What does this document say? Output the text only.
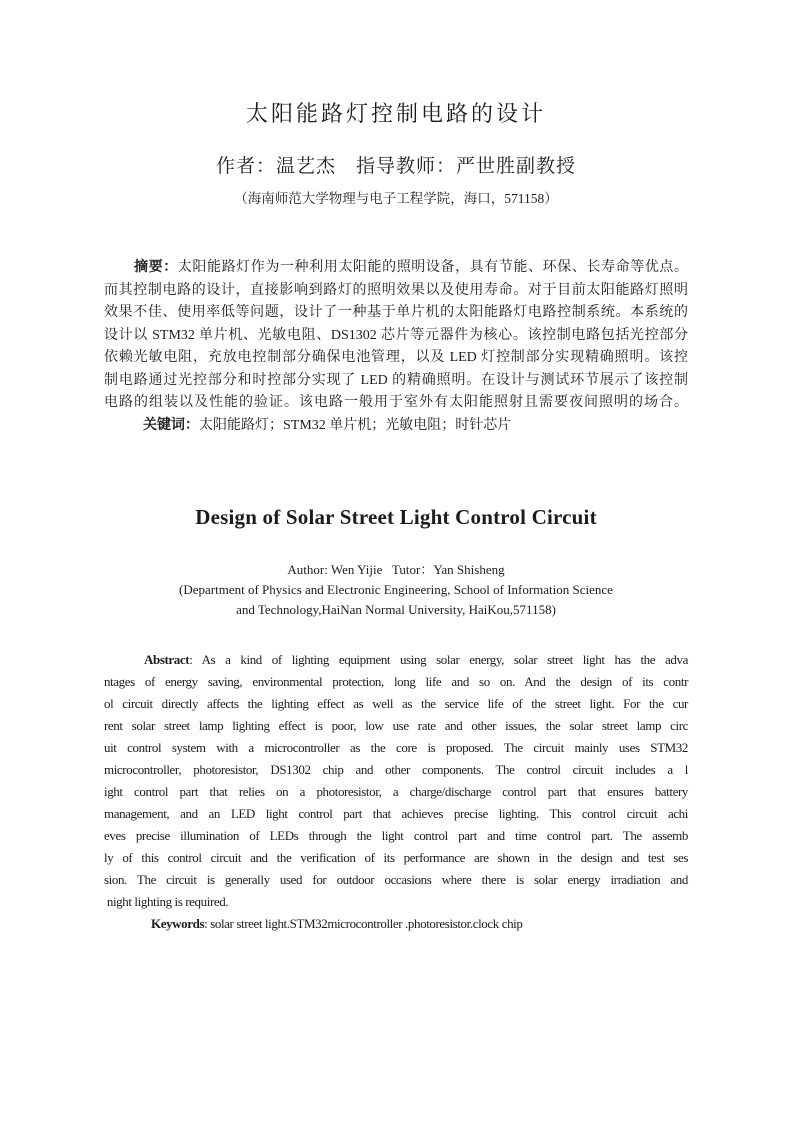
太阳能路灯控制电路的设计
作者：温艺杰　指导教师：严世胜副教授
（海南师范大学物理与电子工程学院，海口，571158）
摘要：太阳能路灯作为一种利用太阳能的照明设备，具有节能、环保、长寿命等优点。
而其控制电路的设计，直接影响到路灯的照明效果以及使用寿命。对于目前太阳能路灯照明
效果不佳、使用率低等问题，设计了一种基于单片机的太阳能路灯电路控制系统。本系统的
设计以 STM32 单片机、光敏电阻、DS1302 芯片等元器件为核心。该控制电路包括光控部分
依赖光敏电阻，充放电控制部分确保电池管理，以及 LED 灯控制部分实现精确照明。该控
制电路通过光控部分和时控部分实现了 LED 的精确照明。在设计与测试环节展示了该控制
电路的组装以及性能的验证。该电路一般用于室外有太阳能照射且需要夜间照明的场合。
关键词：太阳能路灯；STM32 单片机；光敏电阻；时针芯片
Design of Solar Street Light Control Circuit
Author: Wen Yijie   Tutor：Yan Shisheng
(Department of Physics and Electronic Engineering, School of Information Science
and Technology,HaiNan Normal University, HaiKou,571158)
Abstract: As a kind of lighting equipment using solar energy, solar street light has the adva
ntages of energy saving, environmental protection, long life and so on. And the design of its contr
ol circuit directly affects the lighting effect as well as the service life of the street light. For the cur
rent solar street lamp lighting effect is poor, low use rate and other issues, the solar street lamp circ
uit control system with a microcontroller as the core is proposed. The circuit mainly uses STM32
microcontroller, photoresistor, DS1302 chip and other components. The control circuit includes a l
ight control part that relies on a photoresistor, a charge/discharge control part that ensures battery
management, and an LED light control part that achieves precise lighting. This control circuit achi
eves precise illumination of LEDs through the light control part and time control part. The assemb
ly of this control circuit and the verification of its performance are shown in the design and test ses
sion. The circuit is generally used for outdoor occasions where there is solar energy irradiation and
night lighting is required.
Keywords: solar street light.STM32microcontroller .photoresistor.clock chip
